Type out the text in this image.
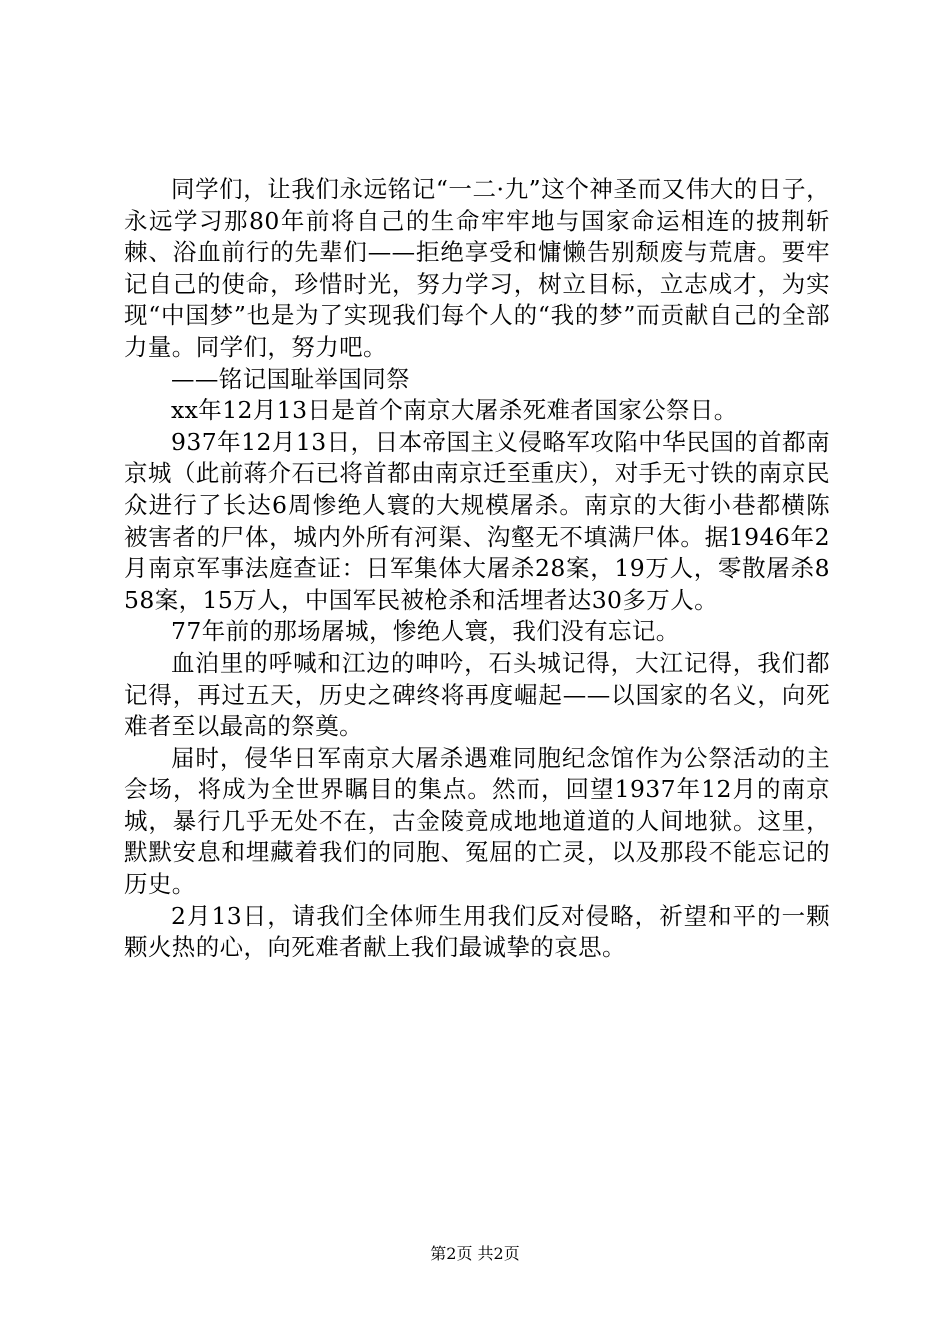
同学们，让我们永远铭记“一二·九”这个神圣而又伟大的日子，永远学习那80年前将自己的生命牢牢地与国家命运相连的披荆斩棘、浴血前行的先辈们——拒绝享受和慵懒告别颓废与荒唐。要牢记自己的使命，珍惜时光，努力学习，树立目标，立志成才，为实现“中国梦”也是为了实现我们每个人的“我的梦”而贡献自己的全部力量。同学们，努力吧。

——铭记国耻举国同祭

xx年12月13日是首个南京大屠杀死难者国家公祭日。

937年12月13日，日本帝国主义侵略军攻陷中华民国的首都南京城（此前蒋介石已将首都由南京迁至重庆），对手无寸铁的南京民众进行了长达6周惨绝人寰的大规模屠杀。南京的大街小巷都横陈被害者的尸体，城内外所有河渠、沟壑无不填满尸体。据1946年2月南京军事法庭查证：日军集体大屠杀28案，19万人，零散屠杀858案，15万人，中国军民被枪杀和活埋者达30多万人。

77年前的那场屠城，惨绝人寰，我们没有忘记。

血泊里的呼喊和江边的呻吟，石头城记得，大江记得，我们都记得，再过五天，历史之碑终将再度崛起——以国家的名义，向死难者至以最高的祭奠。

届时，侵华日军南京大屠杀遇难同胞纪念馆作为公祭活动的主会场，将成为全世界瞩目的集点。然而，回望1937年12月的南京城，暴行几乎无处不在，古金陵竟成地地道道的人间地狱。这里，默默安息和埋藏着我们的同胞、冤屈的亡灵，以及那段不能忘记的历史。

2月13日，请我们全体师生用我们反对侵略，祈望和平的一颗颗火热的心，向死难者献上我们最诚挚的哀思。

第2页 共2页
